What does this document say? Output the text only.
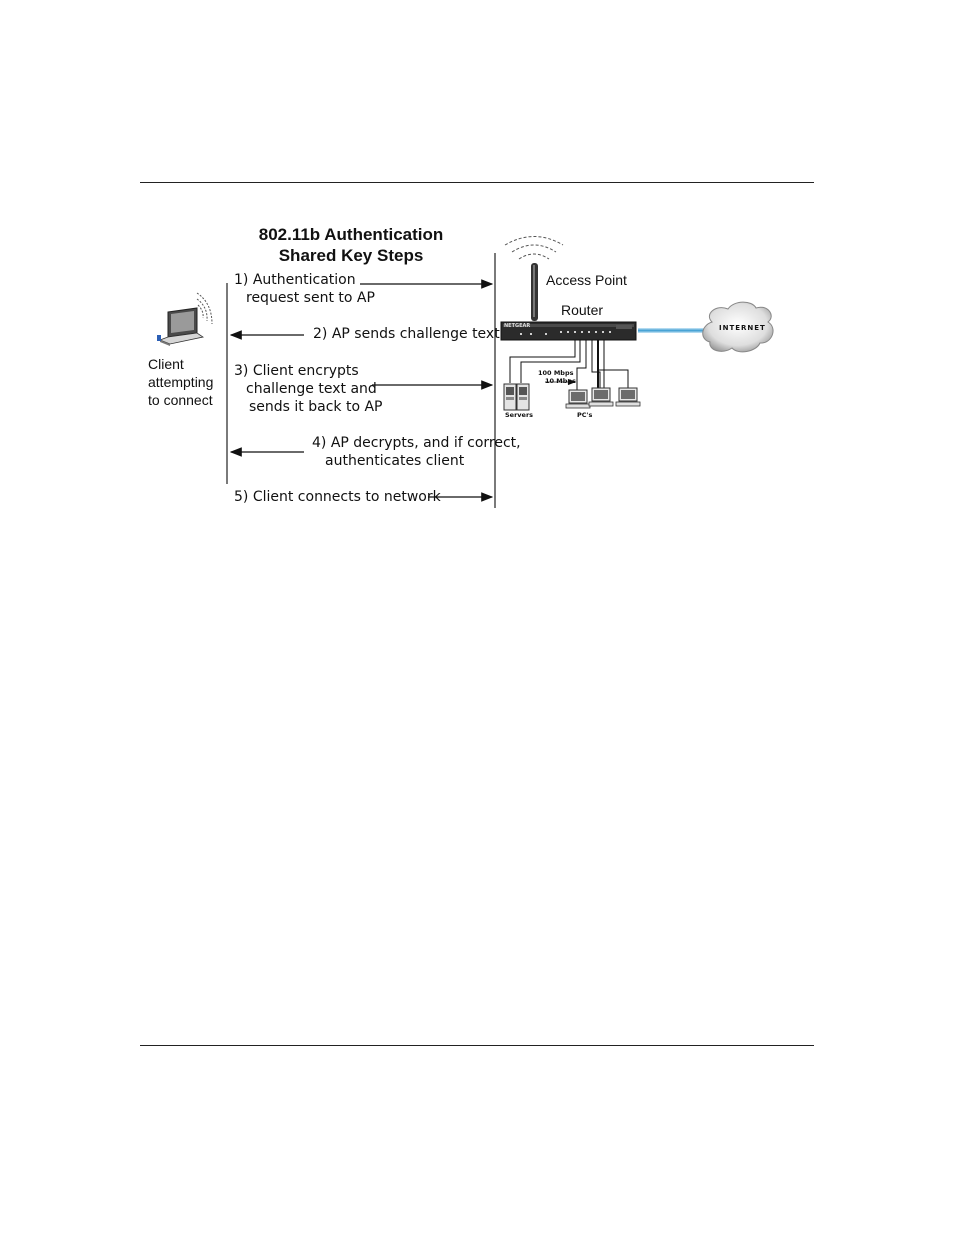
802.11b Authentication
Shared Key Steps
Client
attempting
to connect
Access Point
Router
NETGEAR	INTERNET
100 Mbps
10 Mbps
Servers	PC's
1) Authentication
request sent to AP
2) AP sends challenge text
3) Client encrypts
challenge text and
sends it back to AP
4) AP decrypts, and if correct,
authenticates client
5) Client connects to network
